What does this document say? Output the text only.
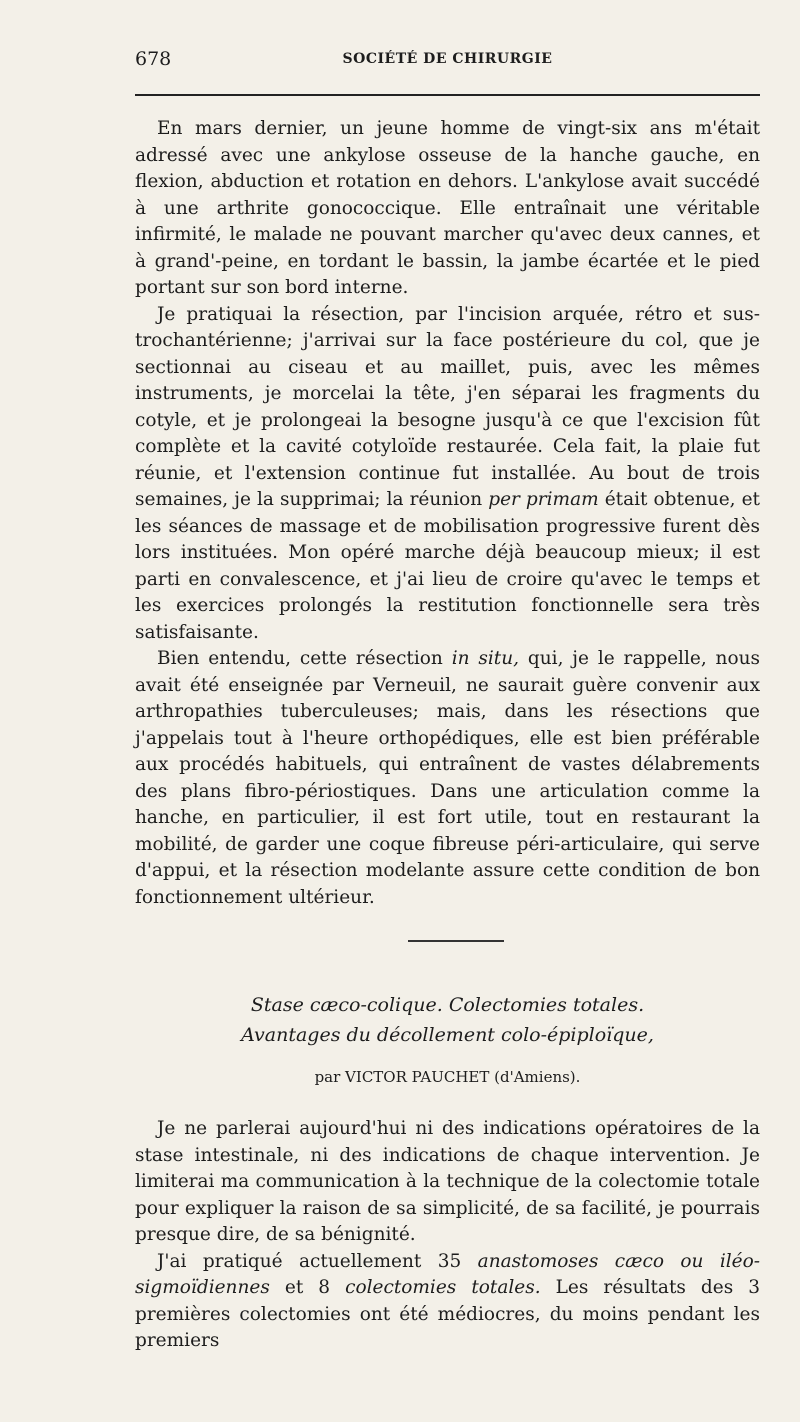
678	SOCIÉTÉ DE CHIRURGIE

En mars dernier, un jeune homme de vingt-six ans m'était adressé avec une ankylose osseuse de la hanche gauche, en flexion, abduction et rotation en dehors. L'ankylose avait succédé à une arthrite gonococcique. Elle entraînait une véritable infirmité, le malade ne pouvant marcher qu'avec deux cannes, et à grand'-peine, en tordant le bassin, la jambe écartée et le pied portant sur son bord interne.

Je pratiquai la résection, par l'incision arquée, rétro et sus-trochantérienne; j'arrivai sur la face postérieure du col, que je sectionnai au ciseau et au maillet, puis, avec les mêmes instruments, je morcelai la tête, j'en séparai les fragments du cotyle, et je prolongeai la besogne jusqu'à ce que l'excision fût complète et la cavité cotyloïde restaurée. Cela fait, la plaie fut réunie, et l'extension continue fut installée. Au bout de trois semaines, je la supprimai; la réunion per primam était obtenue, et les séances de massage et de mobilisation progressive furent dès lors instituées. Mon opéré marche déjà beaucoup mieux; il est parti en convalescence, et j'ai lieu de croire qu'avec le temps et les exercices prolongés la restitution fonctionnelle sera très satisfaisante.

Bien entendu, cette résection in situ, qui, je le rappelle, nous avait été enseignée par Verneuil, ne saurait guère convenir aux arthropathies tuberculeuses; mais, dans les résections que j'appelais tout à l'heure orthopédiques, elle est bien préférable aux procédés habituels, qui entraînent de vastes délabrements des plans fibro-périostiques. Dans une articulation comme la hanche, en particulier, il est fort utile, tout en restaurant la mobilité, de garder une coque fibreuse péri-articulaire, qui serve d'appui, et la résection modelante assure cette condition de bon fonctionnement ultérieur.

Stase cæco-colique. Colectomies totales.
Avantages du décollement colo-épiploïque,
par VICTOR PAUCHET (d'Amiens).

Je ne parlerai aujourd'hui ni des indications opératoires de la stase intestinale, ni des indications de chaque intervention. Je limiterai ma communication à la technique de la colectomie totale pour expliquer la raison de sa simplicité, de sa facilité, je pourrais presque dire, de sa bénignité.

J'ai pratiqué actuellement 35 anastomoses cæco ou iléo-sigmoïdiennes et 8 colectomies totales. Les résultats des 3 premières colectomies ont été médiocres, du moins pendant les premiers
